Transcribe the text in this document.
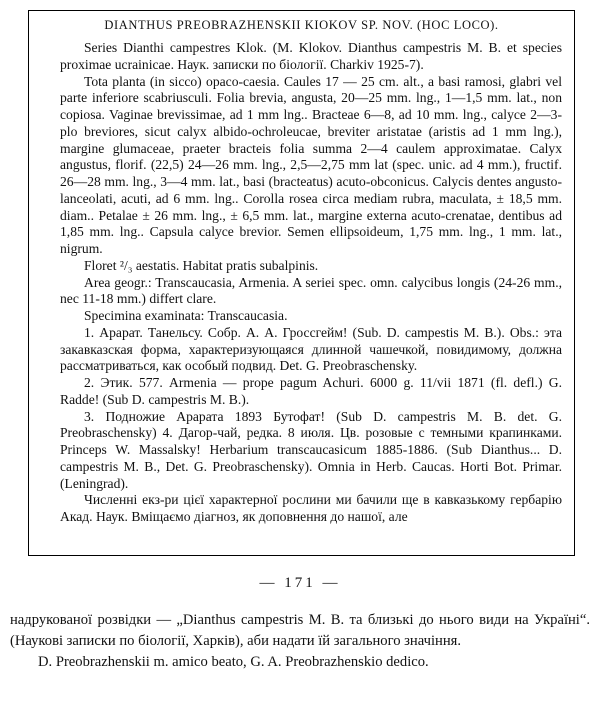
DIANTHUS PREOBRAZHENSKII KIOKOV SP. NOV. (HOC LOCO).

Series Dianthi campestres Klok. (M. Klokov. Dianthus campestris M. B. et species proximae ucrainicae. Наук. записки по біології. Charkiv 1925-7).

Tota planta (in sicco) opaco-caesia. Caules 17 — 25 cm. alt., a basi ramosi, glabri vel parte inferiore scabriusculi. Folia brevia, angusta, 20—25 mm. lng., 1—1,5 mm. lat., non copiosa. Vaginae brevissimae, ad 1 mm lng.. Bracteae 6—8, ad 10 mm. lng., calyce 2—3-plo breviores, sicut calyx albido-ochroleucae, breviter aristatae (aristis ad 1 mm lng.), margine glumaceae, praeter bracteis folia summa 2—4 caulem approximatae. Calyx angustus, florif. (22,5) 24—26 mm. lng., 2,5—2,75 mm lat (spec. unic. ad 4 mm.), fructif. 26—28 mm. lng., 3—4 mm. lat., basi (bracteatus) acuto-obconicus. Calycis dentes angusto-lanceolati, acuti, ad 6 mm. lng.. Corolla rosea circa mediam rubra, maculata, ± 18,5 mm. diam.. Petalae ± 26 mm. lng., ± 6,5 mm. lat., margine externa acuto-crenatae, dentibus ad 1,85 mm. lng.. Capsula calyce brevior. Semen ellipsoideum, 1,75 mm. lng., 1 mm. lat., nigrum.

Floret ²/₃ aestatis. Habitat pratis subalpinis.

Area geogr.: Transcaucasia, Armenia. A seriei spec. omn. calycibus longis (24-26 mm., nec 11-18 mm.) differt clare.

Specimina examinata: Transcaucasia.

1. Арарат. Танельсу. Собр. А. А. Гроссгейм! (Sub. D. campestis M. B.). Obs.: эта закавказская форма, характеризующаяся длинной чашечкой, повидимому, должна рассматриваться, как особый подвид. Det. G. Preobraschensky.

2. Этик. 577. Armenia — prope pagum Achuri. 6000 g. 11/vii 1871 (fl. defl.) G. Radde! (Sub D. campestris M. B.).

3. Подножие Арарата 1893 Бутофат! (Sub D. campestris M. B. det. G. Preobraschensky) 4. Дагор-чай, редка. 8 июля. Цв. розовые с темными крапинками. Princeps W. Massalsky! Herbarium transcaucasicum 1885-1886. (Sub Dianthus... D. campestris M. B., Det. G. Preobraschensky). Omnia in Herb. Caucas. Horti Bot. Primar. (Leningrad).

Численні екз-ри цієї характерної рослини ми бачили ще в кавказькому гербарію Акад. Наук. Вміщаємо діагноз, як доповнення до нашої, але

— 171 —

надрукованої розвідки — „Dianthus campestris M. B. та близькі до нього види на Україні“. (Наукові записки по біології, Харків), аби надати їй загального значіння.

D. Preobrazhenskii m. amico beato, G. A. Preobrazhenskio dedico.
